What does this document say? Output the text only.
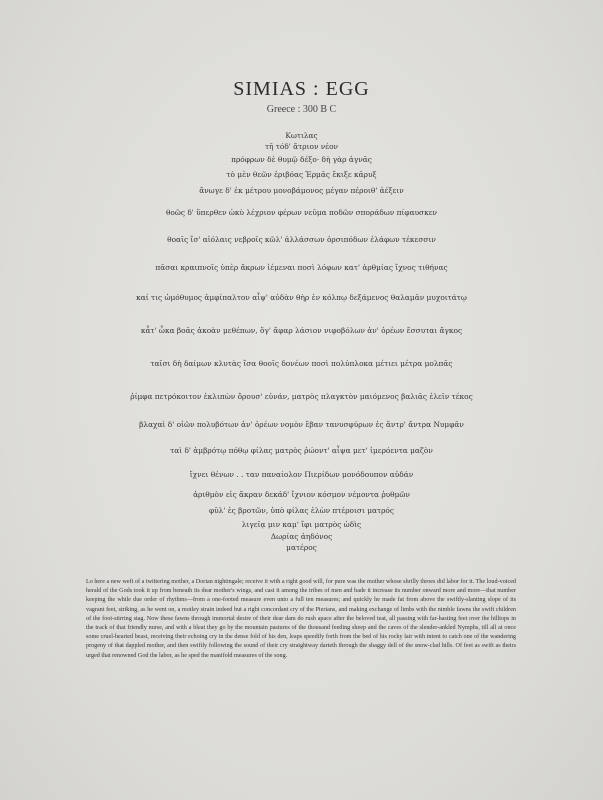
SIMIAS : EGG
Greece : 300 B C
Κωτιλας
τῆ τόδ' ἄτριον νέον
πρόφρων δὲ θυμῷ δέξο· δὴ γὰρ ἁγνᾶς
τὸ μὲν θεῶν ἐριβόας Ἑρμᾶς ἔκιξε κᾶρυξ
ἄνωγε δ' ἐκ μέτρου μονοβάμονος μέγαν πέροιθ' ἀέξειν
θοῶς δ' ὕπερθεν ὠκὺ λέχριον φέρων νεῦμα ποδῶν σποράδων πίφαυσκεν
θοαῖς ἴσ' αἰόλαις νεβροῖς κῶλ' ἀλλάσσων ὁρσιπόδων ἐλάφων τέκεσσιν
πᾶσαι κραιπνοῖς ὑπὲρ ἄκρων ἱέμεναι ποσὶ λόφων κατ' ἀρθμίας ἴχνος τιθήνας
καί τις ὠμόθυμος ἀμφίπαλτον αἶψ' αὐδὰν θὴρ ἐν κόλπῳ δεξάμενος θαλαμᾶν μυχοιτάτῳ
κἆτ' ὦκα βοᾶς ἀκοὰν μεθέπων, ὅγ' ἄφαρ λάσιον νιφοβόλων ἀν' ὀρέων ἔσσυται ἄγκος
ταῖσι δὴ δαίμων κλυτὰς ἴσα θοοῖς δονέων ποσὶ πολύπλοκα μέτιει μέτρα μολπᾶς
ῥίμφα πετρόκοιτον ἐκλιπὼν ὄρουσ' εὐνάν, ματρὸς πλαγκτὸν μαιόμενος βαλιᾶς ἑλεῖν τέκος
βλαχαὶ δ' οἰῶν πολυβότων ἀν' ὀρέων νομὸν ἔβαν τανυσφύρων ἐς ἄντρ' ἄντρα Νυμφᾶν
ταὶ δ' ἀμβρότῳ πόθῳ φίλας ματρὸς ῥώοντ' αἶψα μετ' ἱμερόεντα μαζὸν
ἴχνει θένων . . ταν παναίολον Πιερίδων μονόδουπον αὐδάν
ἀριθμὸν εἰς ἄκραν δεκάδ' ἴχνιον κόσμον νέμοντα ῥυθμῶν
φῦλ' ἐς βροτῶν, ὑπὸ φίλας ἑλὼν πτέροισι ματρός
λιγεῖᾳ μιν καμ' ἴφι ματρὸς ὠδὶς
Δωρίας ἀηδόνος
ματέρος
Lo here a new weft of a twittering mother, a Dorian nightingale; receive it with a right good will, for pure was the mother whose shrilly throes did labor for it. The loud-voiced herald of the Gods took it up from beneath its dear mother's wings, and cast it among the tribes of men and bade it increase its number onward more and more—that number keeping the while due order of rhythms—from a one-footed measure even unto a full ten measures; and quickly he made fat from above the swiftly-slanting slope of its vagrant feet, striking, as he went on, a motley strain indeed but a right concordant cry of the Pierians, and making exchange of limbs with the nimble fawns the swift children of the foot-stirring stag. Now these fawns through immortal desire of their dear dam do rush apace after the beloved teat, all passing with far-hasting feet over the hilltops in the track of that friendly nurse, and with a bleat they go by the mountain pastures of the thousand feeding sheep and the caves of the slender-ankled Nymphs, till all at once some cruel-hearted beast, receiving their echoing cry in the dense fold of his den, leaps speedily forth from the bed of his rocky lair with intent to catch one of the wandering progeny of that dappled mother, and then swiftly following the sound of their cry straightway darteth through the shaggy dell of the snow-clad hills. Of feet as swift as theirs urged that renowned God the labor, as he sped the manifold measures of the song.
